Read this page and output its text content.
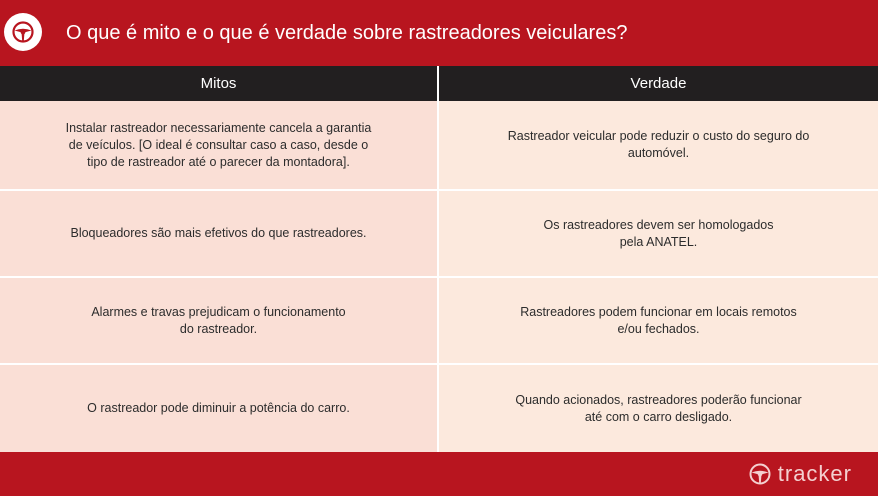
O que é mito e o que é verdade sobre rastreadores veiculares?
Mitos	Verdade
Instalar rastreador necessariamente cancela a garantia
de veículos. [O ideal é consultar caso a caso, desde o
tipo de rastreador até o parecer da montadora].
Rastreador veicular pode reduzir o custo do seguro do
automóvel.
Bloqueadores são mais efetivos do que rastreadores.
Os rastreadores devem ser homologados
pela ANATEL.
Alarmes e travas prejudicam o funcionamento
do rastreador.
Rastreadores podem funcionar em locais remotos
e/ou fechados.
O rastreador pode diminuir a potência do carro.
Quando acionados, rastreadores poderão funcionar
até com o carro desligado.
tracker
